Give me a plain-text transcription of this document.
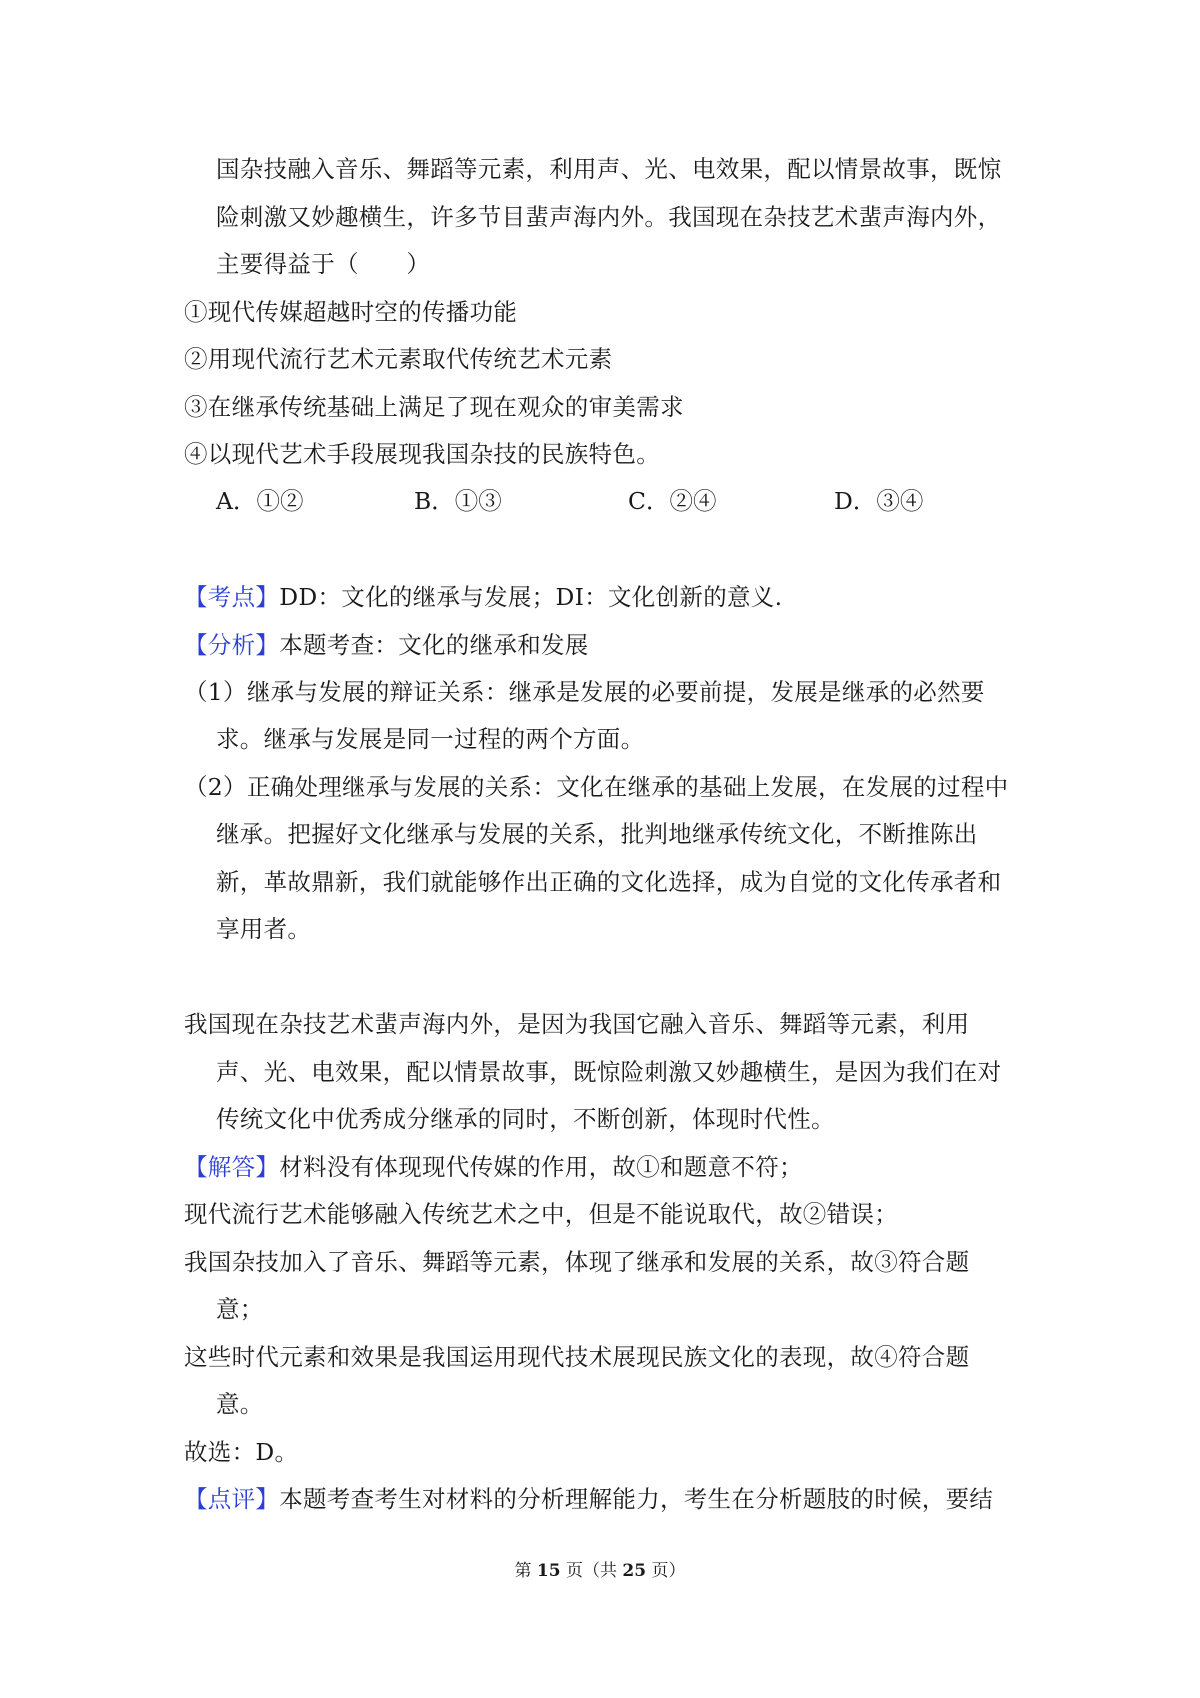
国杂技融入音乐、舞蹈等元素，利用声、光、电效果，配以情景故事，既惊
险刺激又妙趣横生，许多节目蜚声海内外。我国现在杂技艺术蜚声海内外，
主要得益于（　　）
①现代传媒超越时空的传播功能
②用现代流行艺术元素取代传统艺术元素
③在继承传统基础上满足了现在观众的审美需求
④以现代艺术手段展现我国杂技的民族特色。
A．①②	B．①③	C．②④	D．③④
【考点】DD：文化的继承与发展；DI：文化创新的意义.
【分析】本题考查：文化的继承和发展
（1）继承与发展的辩证关系：继承是发展的必要前提，发展是继承的必然要
求。继承与发展是同一过程的两个方面。
（2）正确处理继承与发展的关系：文化在继承的基础上发展，在发展的过程中
继承。把握好文化继承与发展的关系，批判地继承传统文化，不断推陈出
新，革故鼎新，我们就能够作出正确的文化选择，成为自觉的文化传承者和
享用者。
我国现在杂技艺术蜚声海内外，是因为我国它融入音乐、舞蹈等元素，利用
声、光、电效果，配以情景故事，既惊险刺激又妙趣横生，是因为我们在对
传统文化中优秀成分继承的同时，不断创新，体现时代性。
【解答】材料没有体现现代传媒的作用，故①和题意不符；
现代流行艺术能够融入传统艺术之中，但是不能说取代，故②错误；
我国杂技加入了音乐、舞蹈等元素，体现了继承和发展的关系，故③符合题
意；
这些时代元素和效果是我国运用现代技术展现民族文化的表现，故④符合题
意。
故选：D。
【点评】本题考查考生对材料的分析理解能力，考生在分析题肢的时候，要结
第 15 页（共 25 页）
